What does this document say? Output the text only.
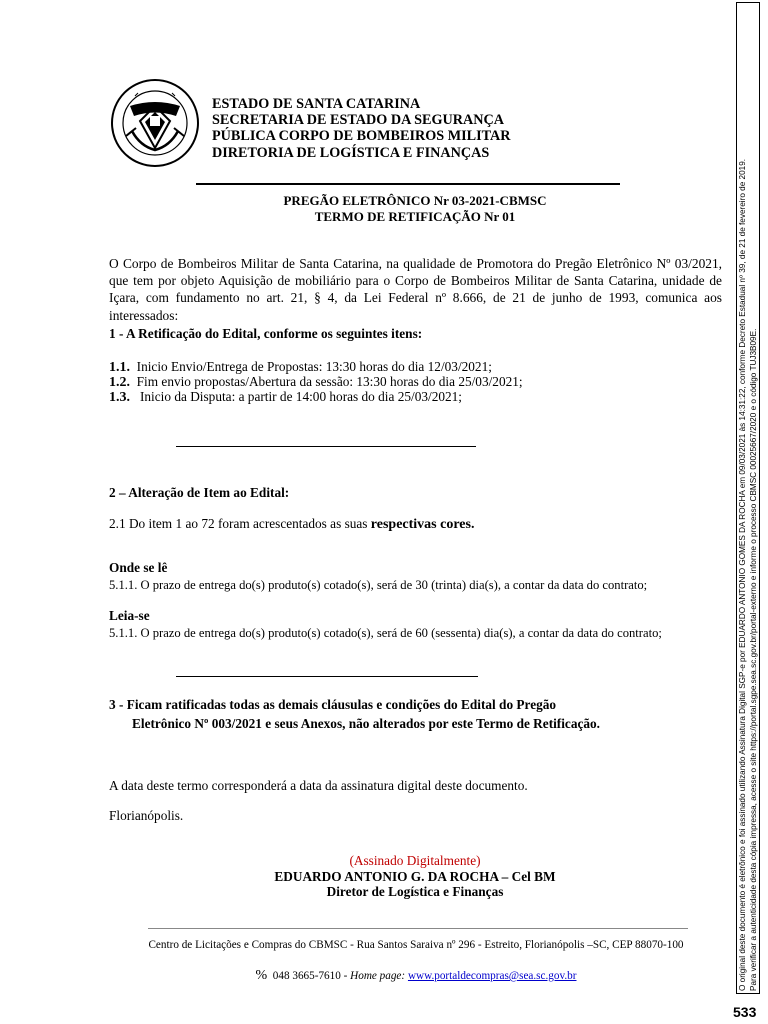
ESTADO DE SANTA CATARINA
SECRETARIA DE ESTADO DA SEGURANÇA
PÚBLICA CORPO DE BOMBEIROS MILITAR
DIRETORIA DE LOGÍSTICA E FINANÇAS
PREGÃO ELETRÔNICO Nr 03-2021-CBMSC
TERMO DE RETIFICAÇÃO Nr 01
O Corpo de Bombeiros Militar de Santa Catarina, na qualidade de Promotora do Pregão Eletrônico Nº 03/2021, que tem por objeto Aquisição de mobiliário para o Corpo de Bombeiros Militar de Santa Catarina, unidade de Içara, com fundamento no art. 21, § 4, da Lei Federal nº 8.666, de 21 de junho de 1993, comunica aos interessados:
1 - A Retificação do Edital, conforme os seguintes itens:
1.1. Inicio Envio/Entrega de Propostas: 13:30 horas do dia 12/03/2021;
1.2. Fim envio propostas/Abertura da sessão: 13:30 horas do dia 25/03/2021;
1.3. Inicio da Disputa: a partir de 14:00 horas do dia 25/03/2021;
2 – Alteração de Item ao Edital:
2.1 Do item 1 ao 72 foram acrescentados as suas respectivas cores.
Onde se lê
5.1.1. O prazo de entrega do(s) produto(s) cotado(s), será de 30 (trinta) dia(s), a contar da data do contrato;
Leia-se
5.1.1. O prazo de entrega do(s) produto(s) cotado(s), será de 60 (sessenta) dia(s), a contar da data do contrato;
3 - Ficam ratificadas todas as demais cláusulas e condições do Edital do Pregão
Eletrônico Nº 003/2021 e seus Anexos, não alterados por este Termo de Retificação.
A data deste termo corresponderá a data da assinatura digital deste documento.
Florianópolis.
(Assinado Digitalmente)
EDUARDO ANTONIO G. DA ROCHA – Cel BM
Diretor de Logística e Finanças
Centro de Licitações e Compras do CBMSC - Rua Santos Saraiva nº 296 - Estreito, Florianópolis –SC, CEP 88070-100
% 048 3665-7610 - Home page: www.portaldecompras@sea.sc.gov.br	O original deste documento é eletrônico e foi assinado utilizando Assinatura Digital SGP-e por EDUARDO ANTONIO GOMES DA ROCHA em 09/03/2021 às 14:31:22, conforme Decreto Estadual nº 39, de 21 de fevereiro de 2019. Para verificar a autenticidade desta cópia impressa, acesse o site https://portal.sgpe.sea.sc.gov.br/portal-externo e informe o processo CBMSC 00025667/2020 e o código TUJ3B09E.
533
